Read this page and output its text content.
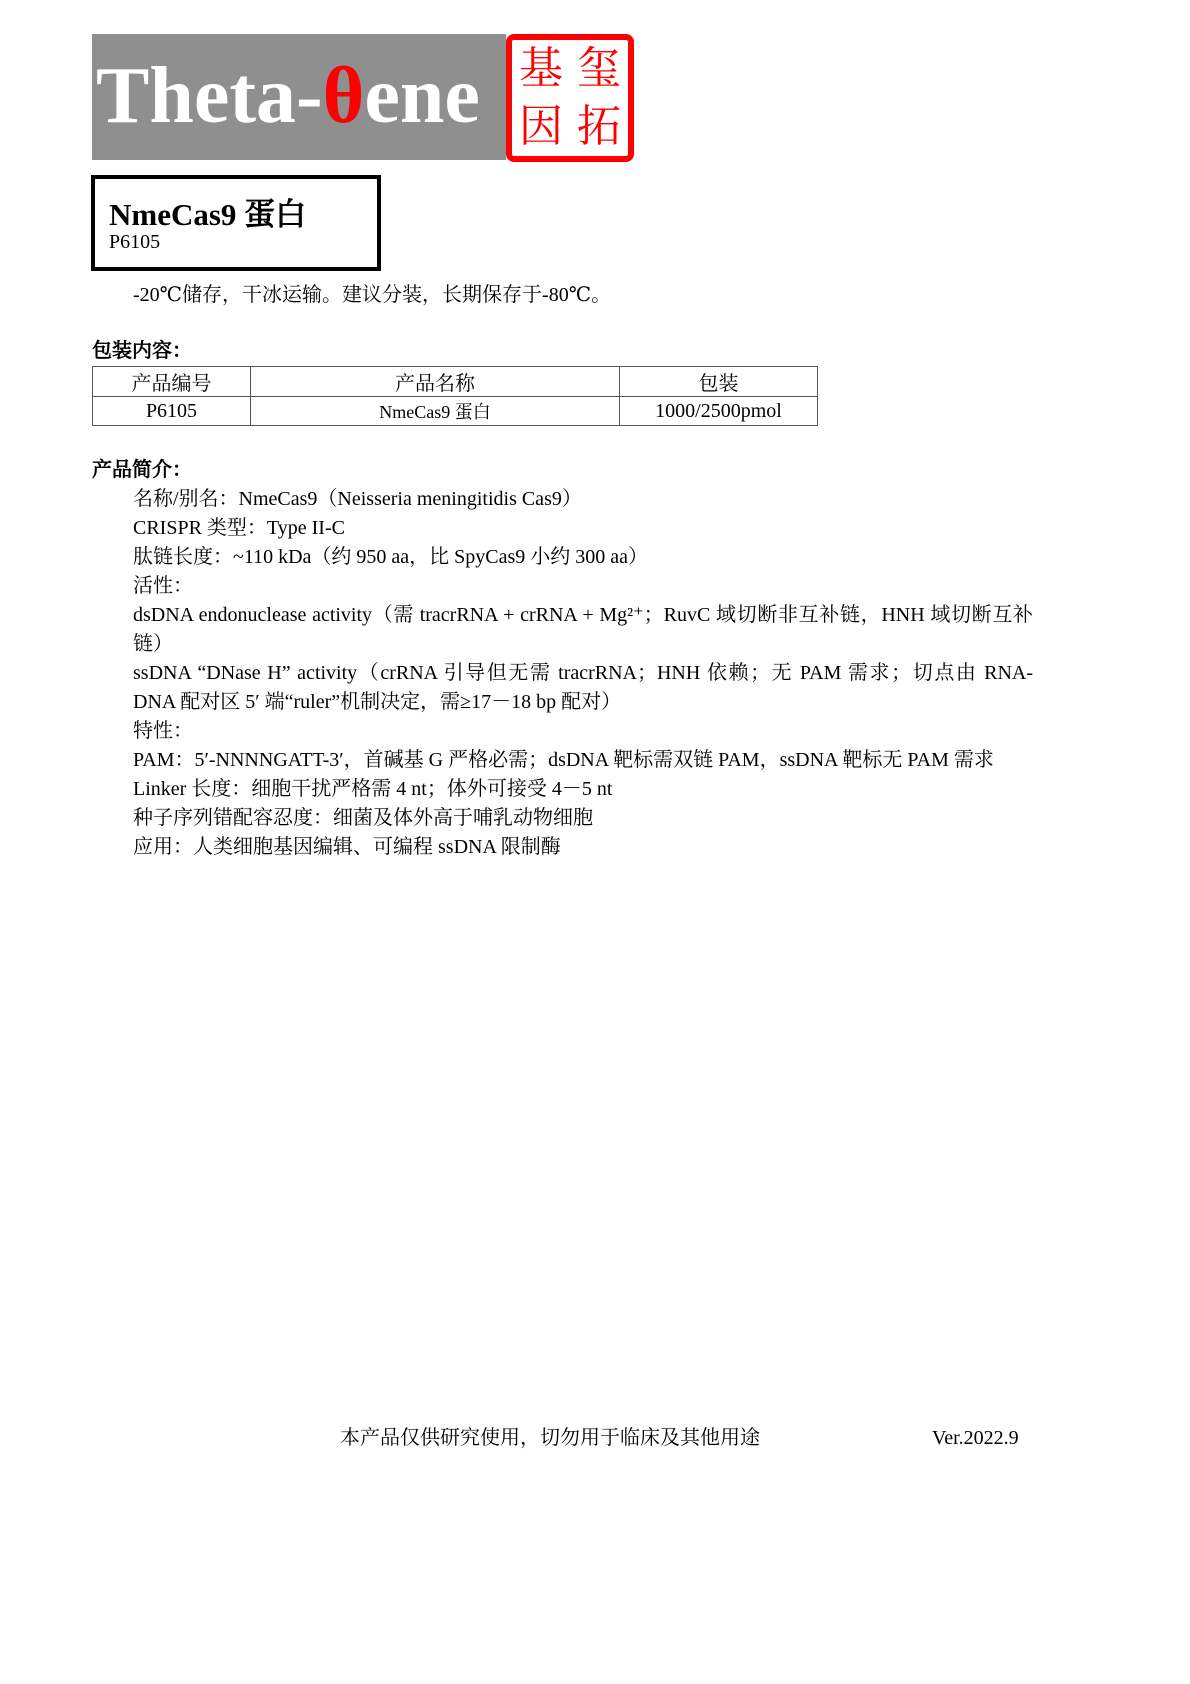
Theta-θene 基 玺
因 拓
NmeCas9 蛋白
P6105
-20℃储存，干冰运输。建议分装，长期保存于-80℃。
包装内容：
产品编号	产品名称	包装
P6105	NmeCas9 蛋白	1000/2500pmol
产品简介：
名称/别名：NmeCas9（Neisseria meningitidis Cas9）
CRISPR 类型：Type II-C
肽链长度：~110 kDa（约 950 aa，比 SpyCas9 小约 300 aa）
活性：
dsDNA endonuclease activity（需 tracrRNA + crRNA + Mg²⁺；RuvC 域切断非互补链，HNH 域切断互补链）
ssDNA “DNase H” activity（crRNA 引导但无需 tracrRNA；HNH 依赖；无 PAM 需求；切点由 RNA-DNA 配对区 5′ 端“ruler”机制决定，需≥17－18 bp 配对）
特性：
PAM：5′-NNNNGATT-3′，首碱基 G 严格必需；dsDNA 靶标需双链 PAM，ssDNA 靶标无 PAM 需求
Linker 长度：细胞干扰严格需 4 nt；体外可接受 4－5 nt
种子序列错配容忍度：细菌及体外高于哺乳动物细胞
应用：人类细胞基因编辑、可编程 ssDNA 限制酶
本产品仅供研究使用，切勿用于临床及其他用途	Ver.2022.9
